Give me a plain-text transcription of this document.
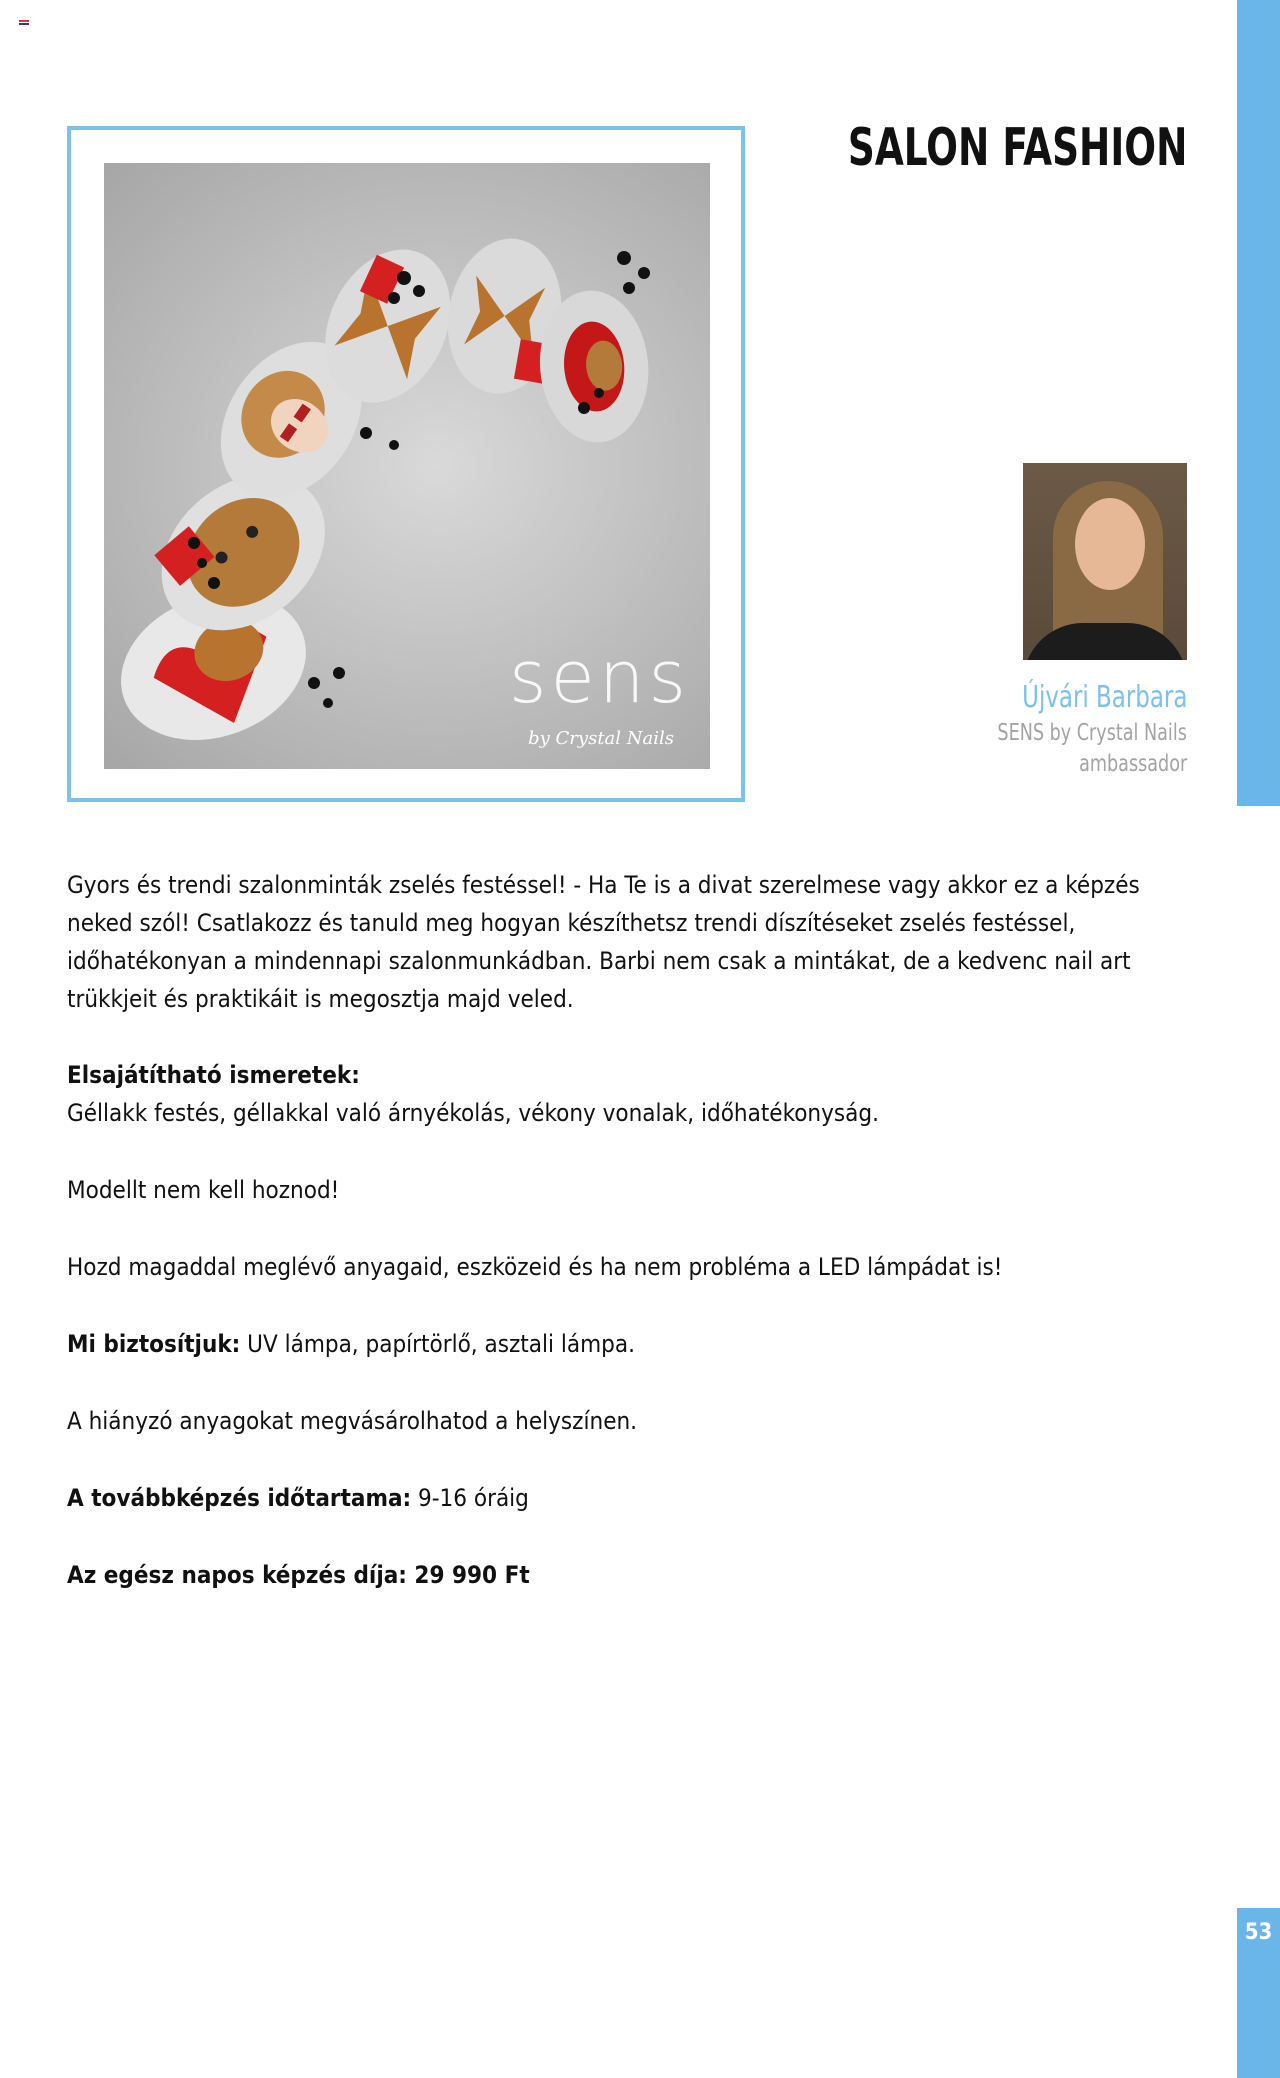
53
SALON FASHION
sens
by Crystal Nails
Újvári Barbara
SENS by Crystal Nails
ambassador

Gyors és trendi szalonminták zselés festéssel! - Ha Te is a divat szerelmese vagy akkor ez a képzés neked szól! Csatlakozz és tanuld meg hogyan készíthetsz trendi díszítéseket zselés festéssel, időhatékonyan a mindennapi szalonmunkádban. Barbi nem csak a mintákat, de a kedvenc nail art trükkjeit és praktikáit is megosztja majd veled.

Elsajátítható ismeretek:
Géllakk festés, géllakkal való árnyékolás, vékony vonalak, időhatékonyság.

Modellt nem kell hoznod!

Hozd magaddal meglévő anyagaid, eszközeid és ha nem probléma a LED lámpádat is!

Mi biztosítjuk: UV lámpa, papírtörlő, asztali lámpa.

A hiányzó anyagokat megvásárolhatod a helyszínen.

A továbbképzés időtartama: 9-16 óráig

Az egész napos képzés díja: 29 990 Ft
